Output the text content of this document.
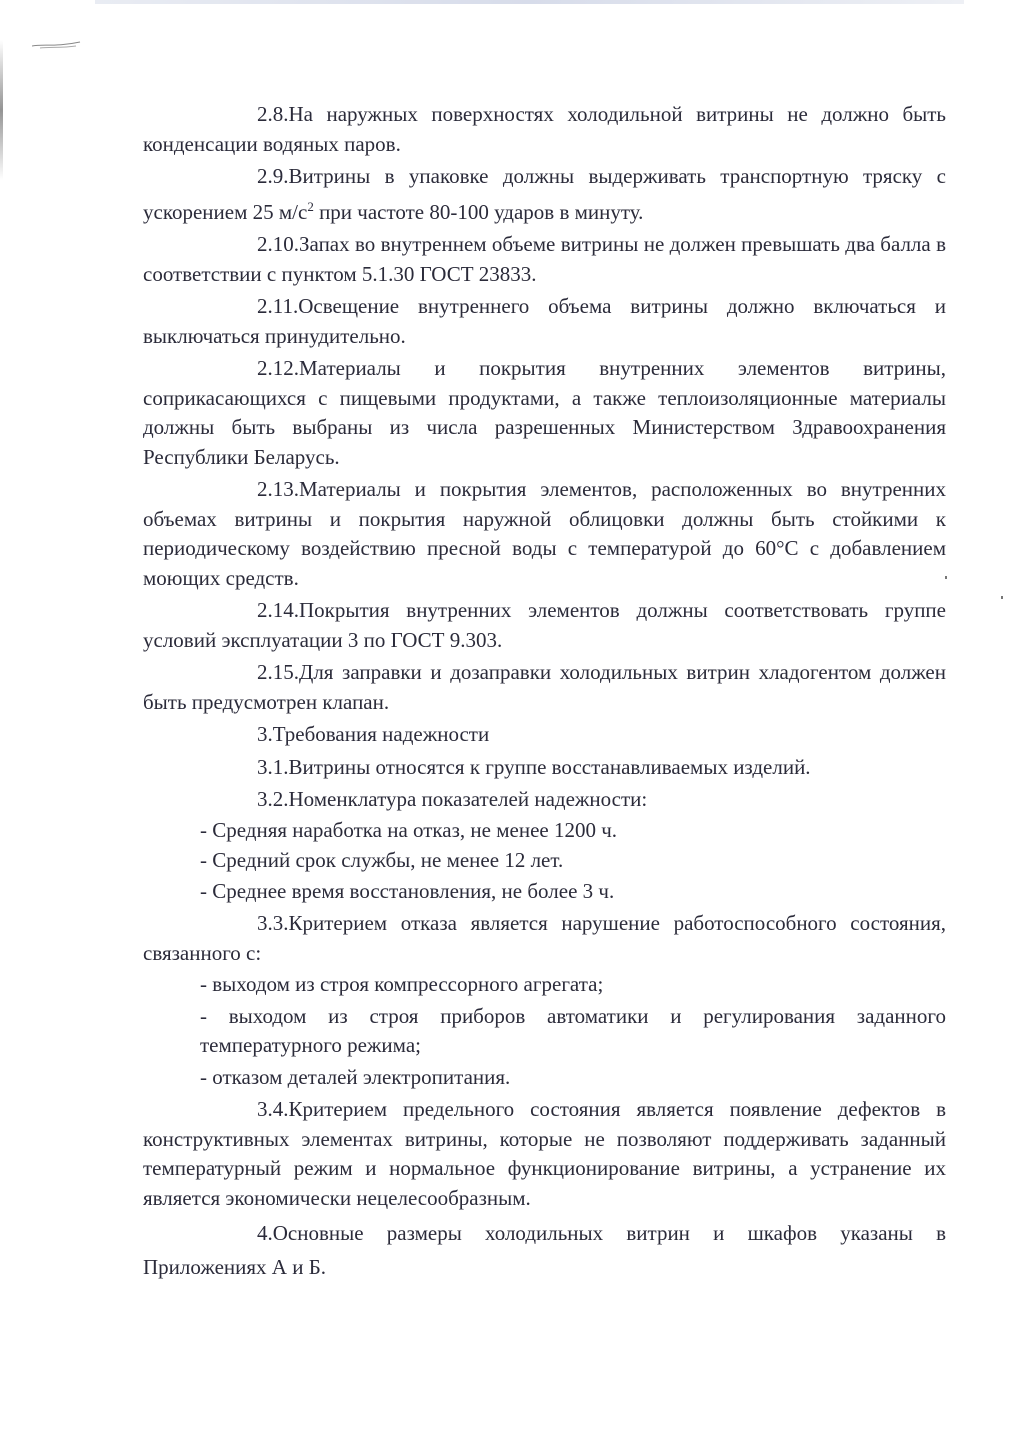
2.8.На наружных поверхностях холодильной витрины не должно быть конденсации водяных паров.

2.9.Витрины в упаковке должны выдерживать транспортную тряску с ускорением 25 $м/с^2$ при частоте 80-100 ударов в минуту.

2.10.Запах во внутреннем объеме витрины не должен превышать два балла в соответствии с пунктом 5.1.30 ГОСТ 23833.

2.11.Освещение внутреннего объема витрины должно включаться и выключаться принудительно.

2.12.Материалы и покрытия внутренних элементов витрины, соприкасающихся с пищевыми продуктами, а также теплоизоляционные материалы должны быть выбраны из числа разрешенных Министерством Здравоохранения Республики Беларусь.

2.13.Материалы и покрытия элементов, расположенных во внутренних объемах витрины и покрытия наружной облицовки должны быть стойкими к периодическому воздействию пресной воды с температурой до 60°С с добавлением моющих средств.

2.14.Покрытия внутренних элементов должны соответствовать группе условий эксплуатации 3 по ГОСТ 9.303.

2.15.Для заправки и дозаправки холодильных витрин хладогентом должен быть предусмотрен клапан.

3.Требования надежности

3.1.Витрины относятся к группе восстанавливаемых изделий.

3.2.Номенклатура показателей надежности:

- Средняя наработка на отказ, не менее 1200 ч.

- Средний срок службы, не менее 12 лет.

- Среднее время восстановления, не более 3 ч.

3.3.Критерием отказа является нарушение работоспособного состояния, связанного с:

- выходом из строя компрессорного агрегата;

- выходом из строя приборов автоматики и регулирования заданного температурного режима;

- отказом деталей электропитания.

3.4.Критерием предельного состояния является появление дефектов в конструктивных элементах витрины, которые не позволяют поддерживать заданный температурный режим и нормальное функционирование витрины, а устранение их является экономически нецелесообразным.

4.Основные размеры холодильных витрин и шкафов указаны в Приложениях А и Б.
